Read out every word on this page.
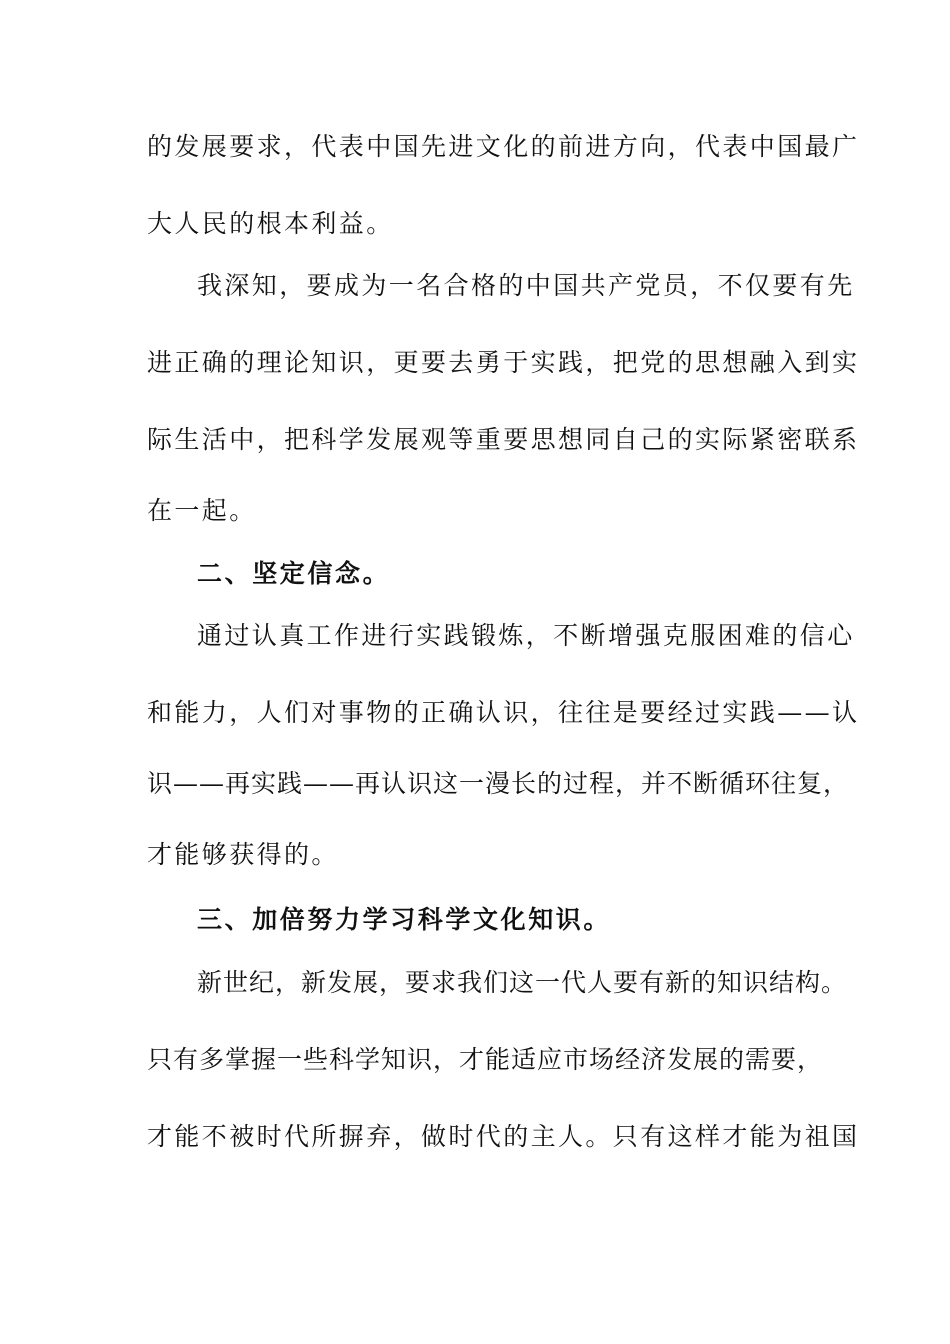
的发展要求，代表中国先进文化的前进方向，代表中国最广
大人民的根本利益。
我深知，要成为一名合格的中国共产党员，不仅要有先
进正确的理论知识，更要去勇于实践，把党的思想融入到实
际生活中，把科学发展观等重要思想同自己的实际紧密联系
在一起。
二、坚定信念。
通过认真工作进行实践锻炼，不断增强克服困难的信心
和能力，人们对事物的正确认识，往往是要经过实践——认
识——再实践——再认识这一漫长的过程，并不断循环往复，
才能够获得的。
三、加倍努力学习科学文化知识。
新世纪，新发展，要求我们这一代人要有新的知识结构。
只有多掌握一些科学知识，才能适应市场经济发展的需要，
才能不被时代所摒弃，做时代的主人。只有这样才能为祖国
